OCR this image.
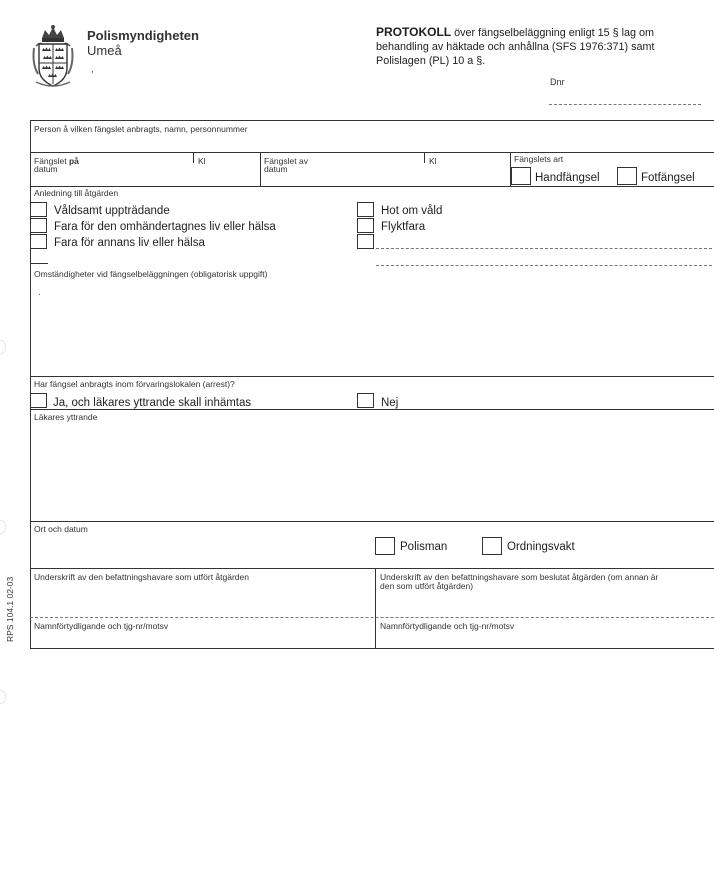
Polismyndigheten
Umeå
,
PROTOKOLL över fängselbeläggning enligt 15 § lag om
behandling av häktade och anhållna (SFS 1976:371) samt
Polislagen (PL) 10 a §.
Dnr
Person å vilken fängslet anbragts, namn, personnummer
Fängslet på
datum
Kl	Fängslet av
datum
Kl	Fängslets art
Handfängsel	Fotfängsel
Anledning till åtgärden
Våldsamt uppträdande
Fara för den omhändertagnes liv eller hälsa
Fara för annans liv eller hälsa
Hot om våld
Flyktfara
Omständigheter vid fängselbeläggningen (obligatorisk uppgift)
·
Har fängsel anbragts inom förvaringslokalen (arrest)?
Ja, och läkares yttrande skall inhämtas	Nej
Läkares yttrande
Ort och datum
Polisman	Ordningsvakt
Underskrift av den befattningshavare som utfört åtgärden	Underskrift av den befattningshavare som beslutat åtgärden (om annan är
den som utfört åtgärden)
Namnförtydligande och tjg-nr/motsv	Namnförtydligande och tjg-nr/motsv
RPS 104.1 02-03
